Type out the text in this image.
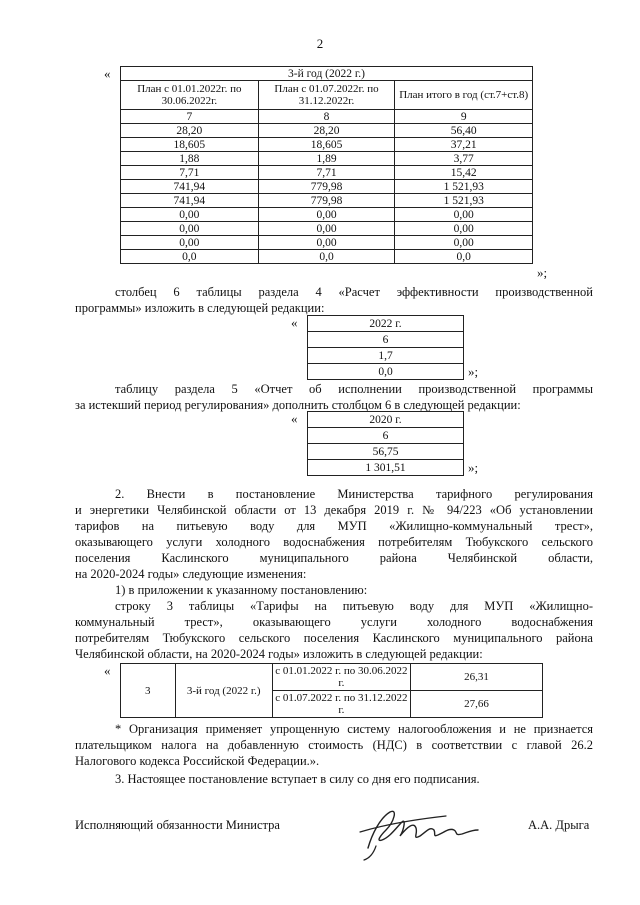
2
«	3-й год (2022 г.)		
План с 01.01.2022г. по 30.06.2022г.	План с 01.07.2022г. по 31.12.2022г.	План итого в год (ст.7+ст.8)
7	8	9
28,20	28,20	56,40
18,605	18,605	37,21
1,88	1,89	3,77
7,71	7,71	15,42
741,94	779,98	1 521,93
741,94	779,98	1 521,93
0,00	0,00	0,00
0,00	0,00	0,00
0,00	0,00	0,00
0,0	0,0	0,0
»;
столбец 6 таблицы раздела 4 «Расчет эффективности производственной
программы» изложить в следующей редакции:
«	2022 г.
6
1,7
0,0	»;
таблицу раздела 5 «Отчет об исполнении производственной программы
за истекший период регулирования» дополнить столбцом 6 в следующей редакции:
«	2020 г.
6
56,75
1 301,51	»;
2. Внести в постановление Министерства тарифного регулирования
и энергетики Челябинской области от 13 декабря 2019 г. № 94/223 «Об установлении
тарифов на питьевую воду для МУП «Жилищно-коммунальный трест»,
оказывающего услуги холодного водоснабжения потребителям Тюбукского сельского
поселения Каслинского муниципального района Челябинской области,
на 2020-2024 годы» следующие изменения:
1) в приложении к указанному постановлению:
строку 3 таблицы «Тарифы на питьевую воду для МУП «Жилищно-
коммунальный трест», оказывающего услуги холодного водоснабжения
потребителям Тюбукского сельского поселения Каслинского муниципального района
Челябинской области, на 2020-2024 годы» изложить в следующей редакции:
«
3	3-й год (2022 г.)	с 01.01.2022 г. по 30.06.2022 г.	26,31
		с 01.07.2022 г. по 31.12.2022 г.	27,66
* Организация применяет упрощенную систему налогообложения и не признается
плательщиком налога на добавленную стоимость (НДС) в соответствии с главой 26.2
Налогового кодекса Российской Федерации.».
3. Настоящее постановление вступает в силу со дня его подписания.
Исполняющий обязанности Министра	А.А. Дрыга
